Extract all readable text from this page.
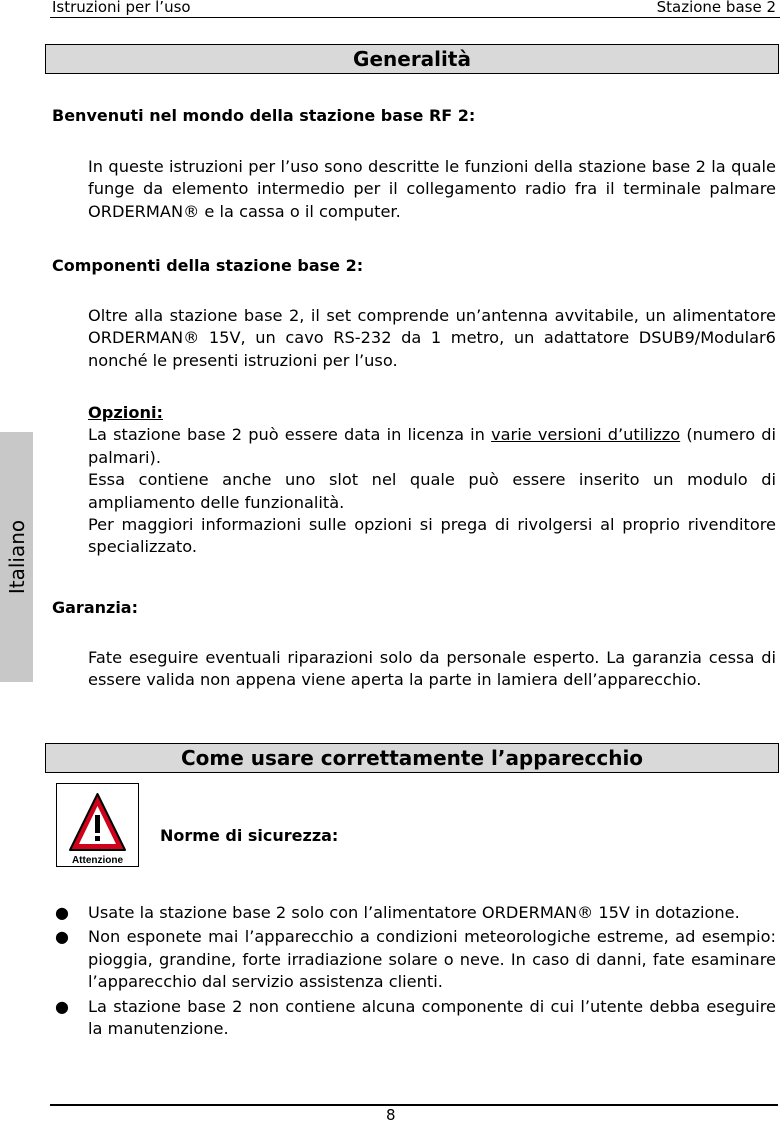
Istruzioni per l’uso	Stazione base 2
Italiano
Generalità
Benvenuti nel mondo della stazione base RF 2:

In queste istruzioni per l’uso sono descritte le funzioni della stazione base 2 la quale funge da elemento intermedio per il collegamento radio fra il terminale palmare ORDERMAN® e la cassa o il computer.

Componenti della stazione base 2:

Oltre alla stazione base 2, il set comprende un’antenna avvitabile, un alimentatore ORDERMAN® 15V, un cavo RS-232 da 1 metro, un adattatore DSUB9/Modular6 nonché le presenti istruzioni per l’uso.

Opzioni:

La stazione base 2 può essere data in licenza in varie versioni d’utilizzo (numero di palmari).

Essa contiene anche uno slot nel quale può essere inserito un modulo di ampliamento delle funzionalità.

Per maggiori informazioni sulle opzioni si prega di rivolgersi al proprio rivenditore specializzato.

Garanzia:

Fate eseguire eventuali riparazioni solo da personale esperto. La garanzia cessa di essere valida non appena viene aperta la parte in lamiera dell’apparecchio.

Come usare correttamente l’apparecchio
Attenzione
Norme di sicurezza:
● Usate la stazione base 2 solo con l’alimentatore ORDERMAN® 15V in dotazione.
● Non esponete mai l’apparecchio a condizioni meteorologiche estreme, ad esempio: pioggia, grandine, forte irradiazione solare o neve. In caso di danni, fate esaminare l’apparecchio dal servizio assistenza clienti.
● La stazione base 2 non contiene alcuna componente di cui l’utente debba eseguire la manutenzione.
8
